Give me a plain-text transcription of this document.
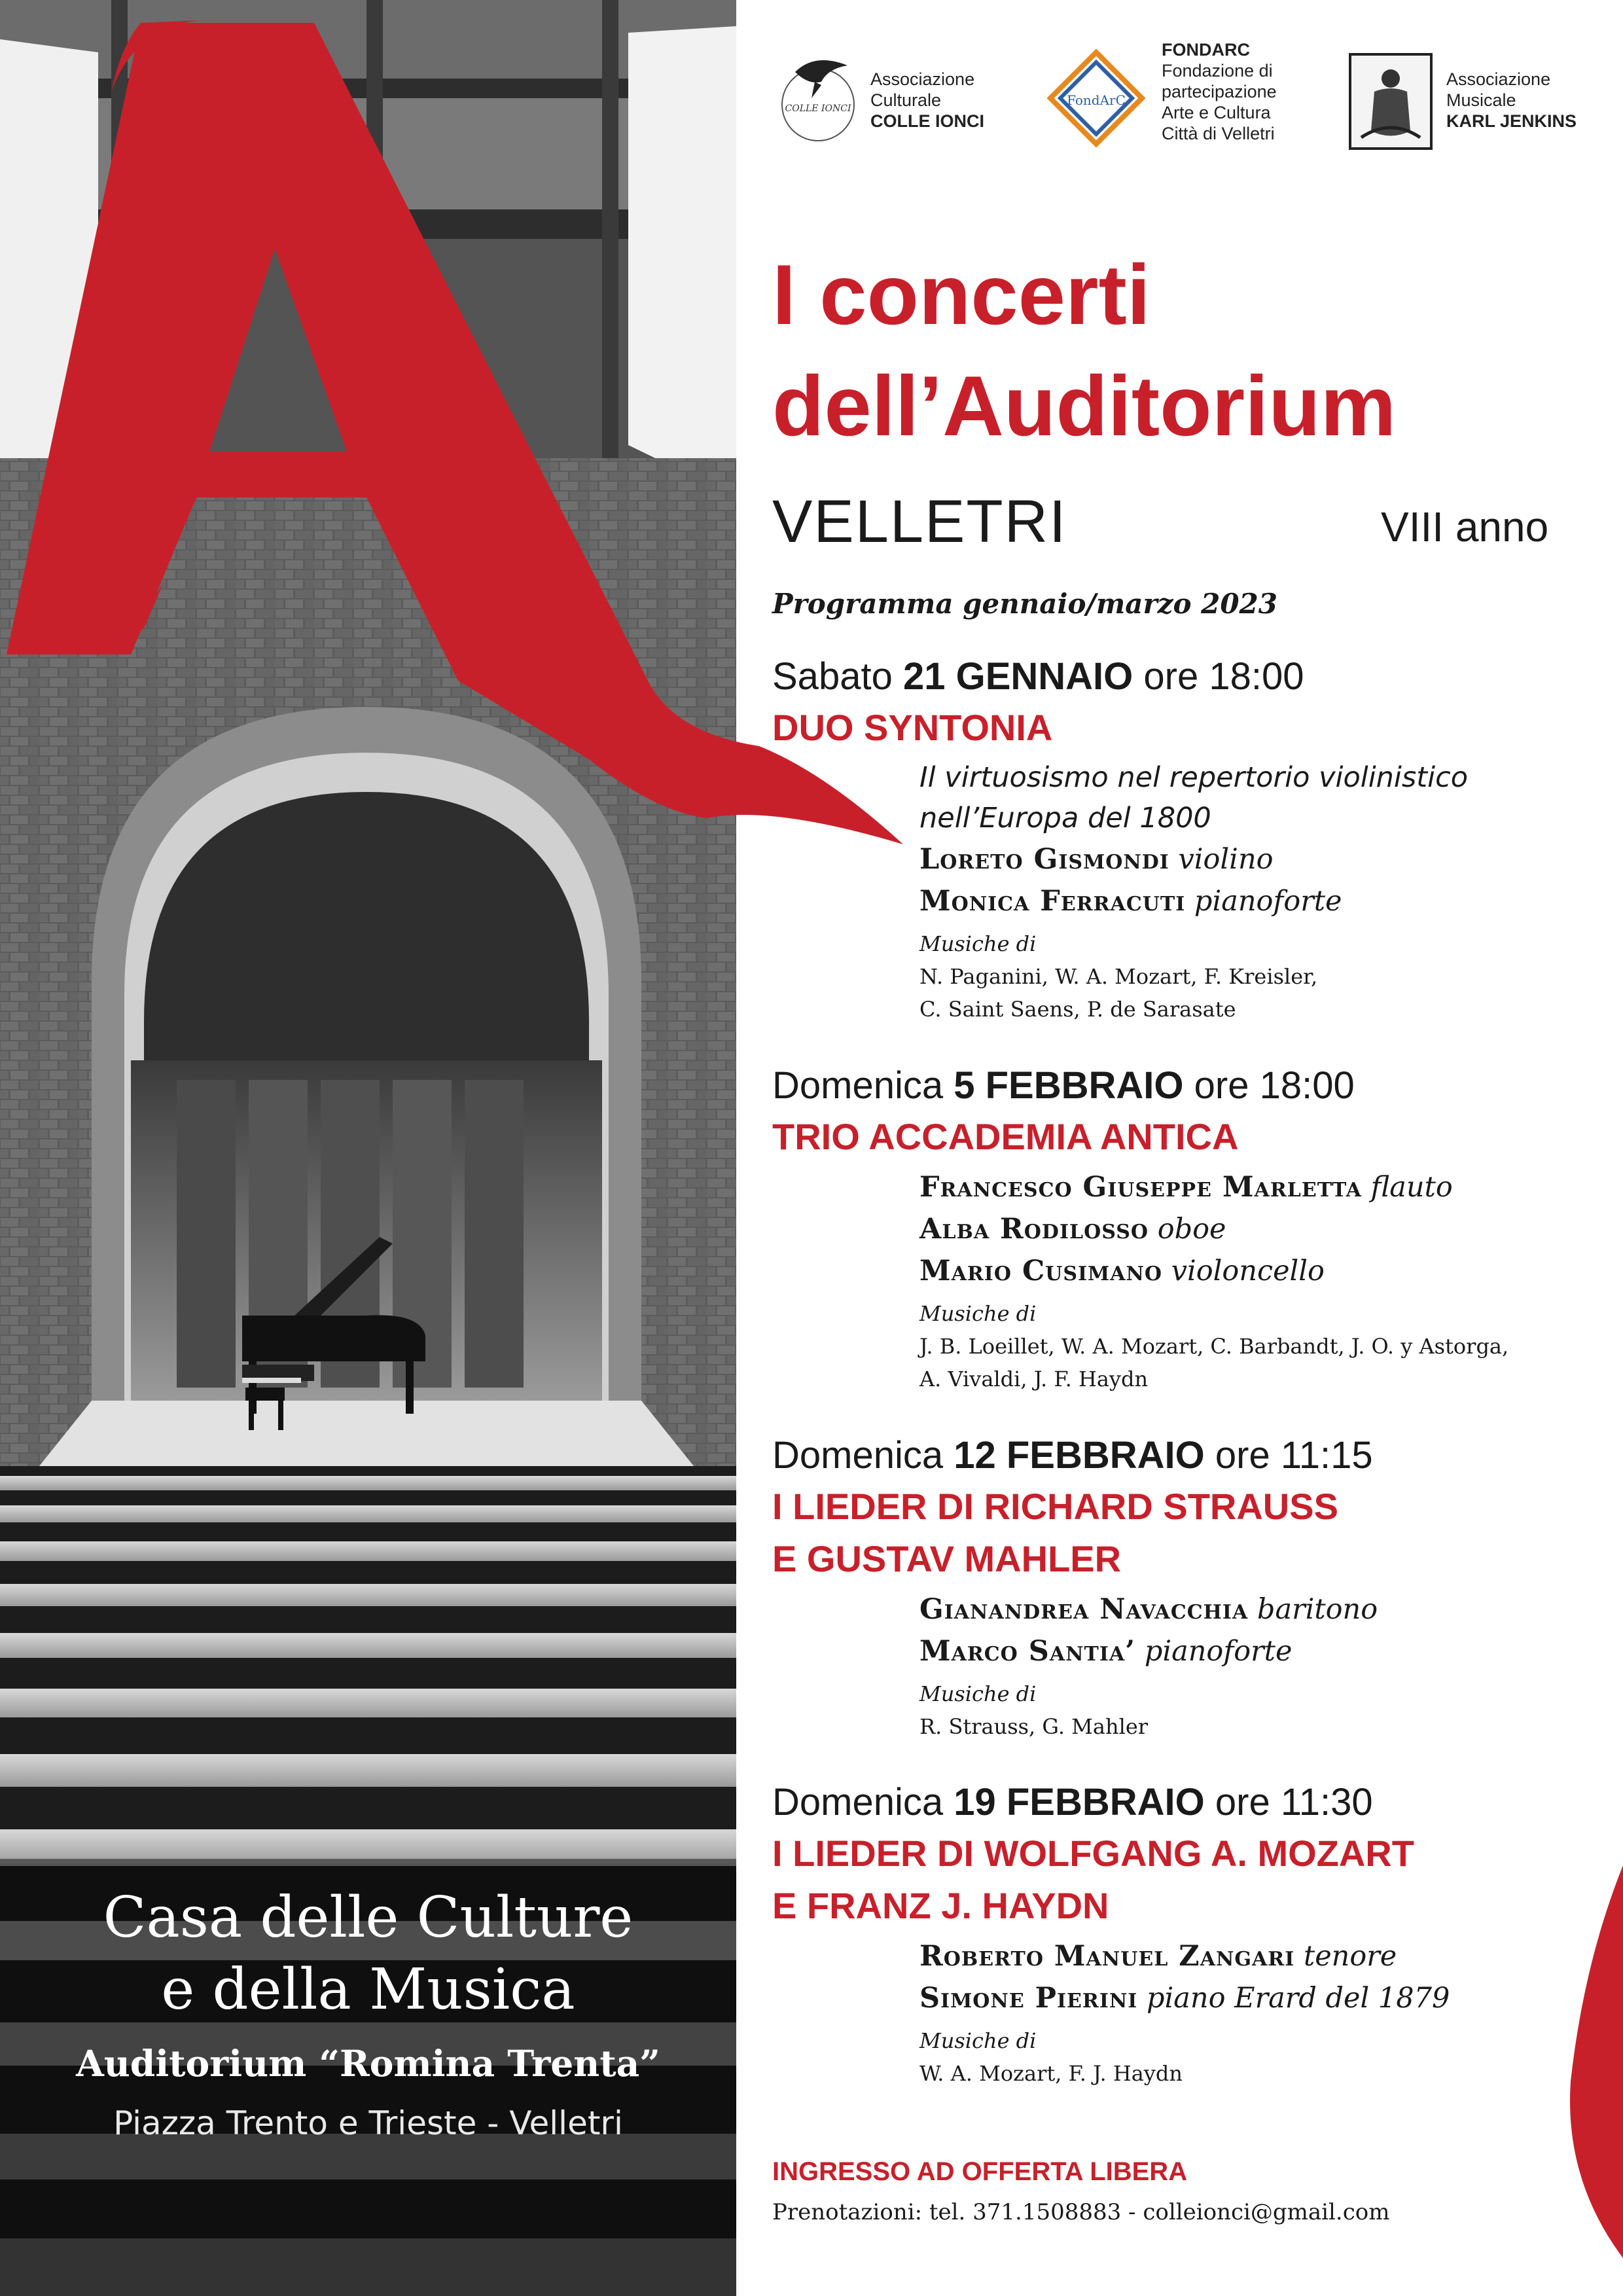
Casa delle Culture
e della Musica
Auditorium “Romina Trenta”
Piazza Trento e Trieste - Velletri
COLLE IONCI
Associazione
Culturale
COLLE IONCI
FondArC
FONDARC
Fondazione di
partecipazione
Arte e Cultura
Città di Velletri
Associazione
Musicale
KARL JENKINS
I concerti
dell’Auditorium
VELLETRI	VIII anno
Programma gennaio/marzo 2023
Sabato 21 GENNAIO ore 18:00
DUO SYNTONIA
Il virtuosismo nel repertorio violinistico
nell’Europa del 1800
Loreto Gismondi violino
Monica Ferracuti pianoforte
Musiche di
N. Paganini, W. A. Mozart, F. Kreisler,
C. Saint Saens, P. de Sarasate
Domenica 5 FEBBRAIO ore 18:00
TRIO ACCADEMIA ANTICA
Francesco Giuseppe Marletta flauto
Alba Rodilosso oboe
Mario Cusimano violoncello
Musiche di
J. B. Loeillet, W. A. Mozart, C. Barbandt, J. O. y Astorga,
A. Vivaldi, J. F. Haydn
Domenica 12 FEBBRAIO ore 11:15
I LIEDER DI RICHARD STRAUSS
E GUSTAV MAHLER
Gianandrea Navacchia baritono
Marco Santia’ pianoforte
Musiche di
R. Strauss, G. Mahler
Domenica 19 FEBBRAIO ore 11:30
I LIEDER DI WOLFGANG A. MOZART
E FRANZ J. HAYDN
Roberto Manuel Zangari tenore
Simone Pierini piano Erard del 1879
Musiche di
W. A. Mozart, F. J. Haydn
INGRESSO AD OFFERTA LIBERA
Prenotazioni: tel. 371.1508883 - colleionci@gmail.com
